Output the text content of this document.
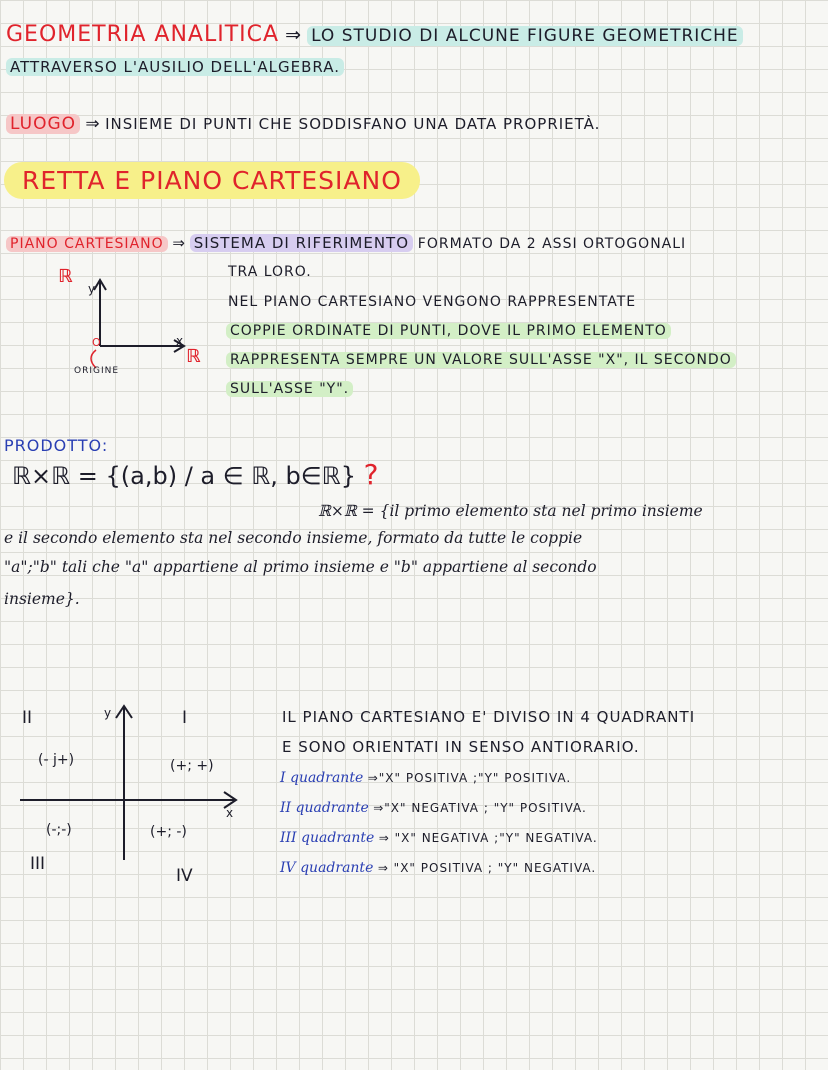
GEOMETRIA ANALITICA ⇒ LO STUDIO DI ALCUNE FIGURE GEOMETRICHE
ATTRAVERSO L'AUSILIO DELL'ALGEBRA.
LUOGO ⇒ INSIEME DI PUNTI CHE SODDISFANO UNA DATA PROPRIETÀ.
RETTA E PIANO CARTESIANO
PIANO CARTESIANO ⇒ SISTEMA DI RIFERIMENTO FORMATO DA 2 ASSI ORTOGONALI
TRA LORO.
NEL PIANO CARTESIANO VENGONO RAPPRESENTATE
COPPIE ORDINATE DI PUNTI, DOVE IL PRIMO ELEMENTO
RAPPRESENTA SEMPRE UN VALORE SULL'ASSE "X", IL SECONDO
SULL'ASSE "Y".
ℝ
y
ℝ
x
O
ORIGINE
PRODOTTO:
ℝ×ℝ = {(a,b) / a ∈ ℝ, b∈ℝ} ?
ℝ×ℝ = {il primo elemento sta nel primo insieme
e il secondo elemento sta nel secondo insieme, formato da tutte le coppie
"a";"b" tali che "a" appartiene al primo insieme e "b" appartiene al secondo
insieme}.
II	I
y
(- j+)	(+; +)
x
(-;-)	(+; -)
III
IV
IL PIANO CARTESIANO E' DIVISO IN 4 QUADRANTI
E SONO ORIENTATI IN SENSO ANTIORARIO.
I quadrante ⇒"X" POSITIVA ;"Y" POSITIVA.
II quadrante ⇒"X" NEGATIVA ; "Y" POSITIVA.
III quadrante ⇒ "X" NEGATIVA ;"Y" NEGATIVA.
IV quadrante ⇒ "X" POSITIVA ; "Y" NEGATIVA.
